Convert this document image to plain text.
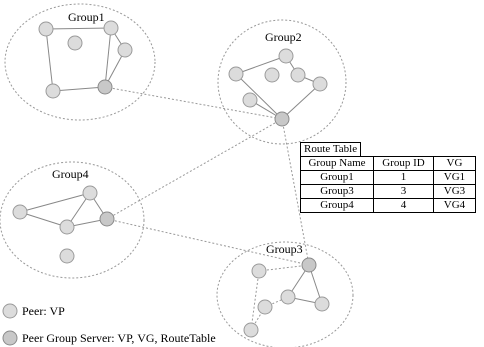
Group1
Group2
Group4
Group3
Route Table
Group Name	Group ID	VG
Group1	1	VG1
Group3	3	VG3
Group4	4	VG4
Peer: VP
Peer Group Server: VP, VG, RouteTable
